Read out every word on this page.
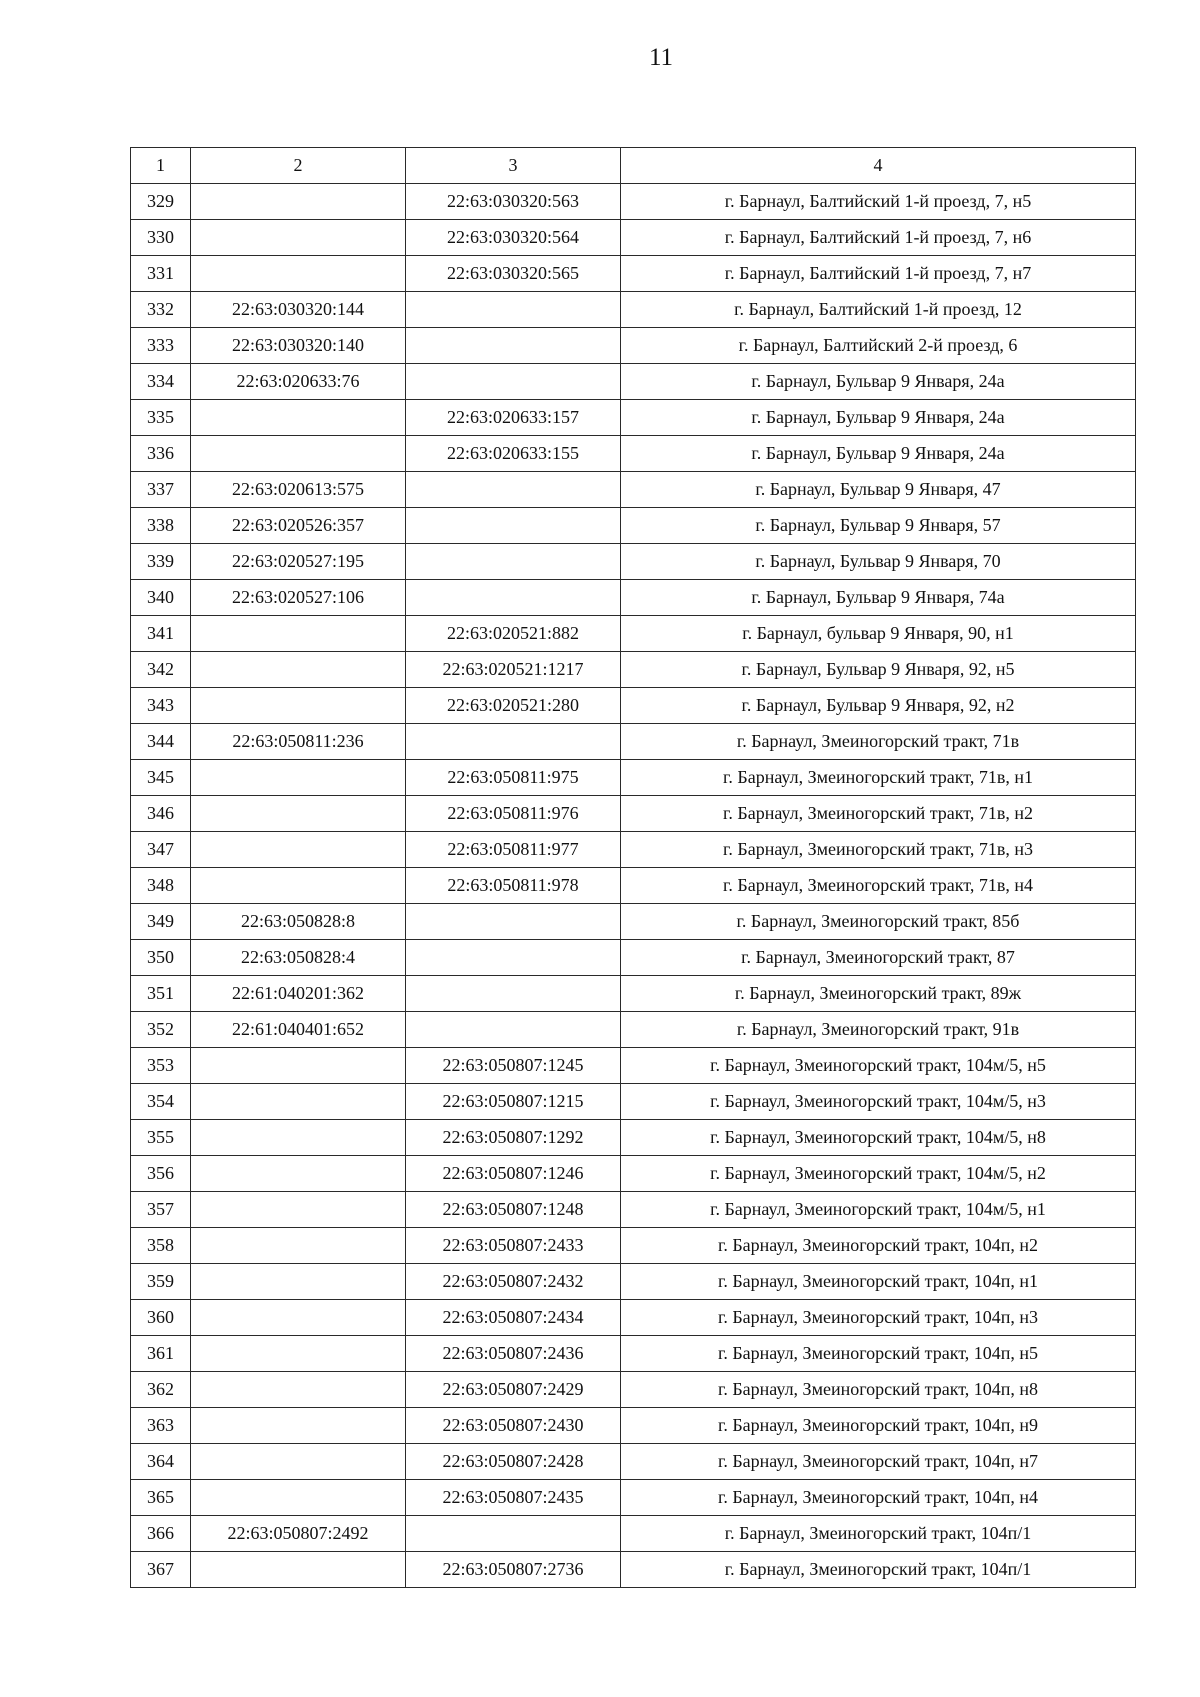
11
1	2	3	4
329		22:63:030320:563	г. Барнаул, Балтийский 1-й проезд, 7, н5
330		22:63:030320:564	г. Барнаул, Балтийский 1-й проезд, 7, н6
331		22:63:030320:565	г. Барнаул, Балтийский 1-й проезд, 7, н7
332	22:63:030320:144		г. Барнаул, Балтийский 1-й проезд, 12
333	22:63:030320:140		г. Барнаул, Балтийский 2-й проезд, 6
334	22:63:020633:76		г. Барнаул, Бульвар 9 Января, 24а
335		22:63:020633:157	г. Барнаул, Бульвар 9 Января, 24а
336		22:63:020633:155	г. Барнаул, Бульвар 9 Января, 24а
337	22:63:020613:575		г. Барнаул, Бульвар 9 Января, 47
338	22:63:020526:357		г. Барнаул, Бульвар 9 Января, 57
339	22:63:020527:195		г. Барнаул, Бульвар 9 Января, 70
340	22:63:020527:106		г. Барнаул, Бульвар 9 Января, 74а
341		22:63:020521:882	г. Барнаул, бульвар 9 Января, 90, н1
342		22:63:020521:1217	г. Барнаул, Бульвар 9 Января, 92, н5
343		22:63:020521:280	г. Барнаул, Бульвар 9 Января, 92, н2
344	22:63:050811:236		г. Барнаул, Змеиногорский тракт, 71в
345		22:63:050811:975	г. Барнаул, Змеиногорский тракт, 71в, н1
346		22:63:050811:976	г. Барнаул, Змеиногорский тракт, 71в, н2
347		22:63:050811:977	г. Барнаул, Змеиногорский тракт, 71в, н3
348		22:63:050811:978	г. Барнаул, Змеиногорский тракт, 71в, н4
349	22:63:050828:8		г. Барнаул, Змеиногорский тракт, 85б
350	22:63:050828:4		г. Барнаул, Змеиногорский тракт, 87
351	22:61:040201:362		г. Барнаул, Змеиногорский тракт, 89ж
352	22:61:040401:652		г. Барнаул, Змеиногорский тракт, 91в
353		22:63:050807:1245	г. Барнаул, Змеиногорский тракт, 104м/5, н5
354		22:63:050807:1215	г. Барнаул, Змеиногорский тракт, 104м/5, н3
355		22:63:050807:1292	г. Барнаул, Змеиногорский тракт, 104м/5, н8
356		22:63:050807:1246	г. Барнаул, Змеиногорский тракт, 104м/5, н2
357		22:63:050807:1248	г. Барнаул, Змеиногорский тракт, 104м/5, н1
358		22:63:050807:2433	г. Барнаул, Змеиногорский тракт, 104п, н2
359		22:63:050807:2432	г. Барнаул, Змеиногорский тракт, 104п, н1
360		22:63:050807:2434	г. Барнаул, Змеиногорский тракт, 104п, н3
361		22:63:050807:2436	г. Барнаул, Змеиногорский тракт, 104п, н5
362		22:63:050807:2429	г. Барнаул, Змеиногорский тракт, 104п, н8
363		22:63:050807:2430	г. Барнаул, Змеиногорский тракт, 104п, н9
364		22:63:050807:2428	г. Барнаул, Змеиногорский тракт, 104п, н7
365		22:63:050807:2435	г. Барнаул, Змеиногорский тракт, 104п, н4
366	22:63:050807:2492		г. Барнаул, Змеиногорский тракт, 104п/1
367		22:63:050807:2736	г. Барнаул, Змеиногорский тракт, 104п/1
